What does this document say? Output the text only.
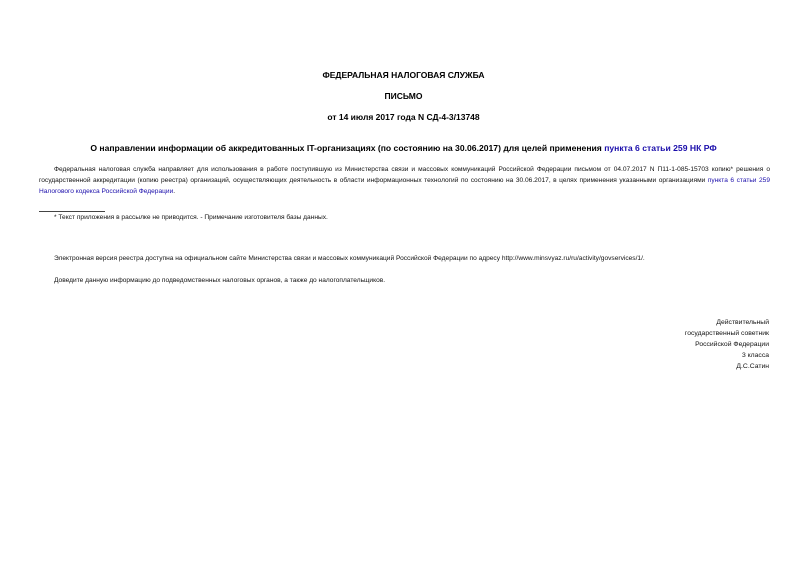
ФЕДЕРАЛЬНАЯ НАЛОГОВАЯ СЛУЖБА
ПИСЬМО
от 14 июля 2017 года N СД-4-3/13748
О направлении информации об аккредитованных IT-организациях (по состоянию на 30.06.2017) для целей применения пункта 6 статьи 259 НК РФ
Федеральная налоговая служба направляет для использования в работе поступившую из Министерства связи и массовых коммуникаций Российской Федерации письмом от 04.07.2017 N П11-1-085-15703 копию* решения о государственной аккредитации (копию реестра) организаций, осуществляющих деятельность в области информационных технологий по состоянию на 30.06.2017, в целях применения указанными организациями пункта 6 статьи 259 Налогового кодекса Российской Федерации.
* Текст приложения в рассылке не приводится. - Примечание изготовителя базы данных.
Электронная версия реестра доступна на официальном сайте Министерства связи и массовых коммуникаций Российской Федерации по адресу http://www.minsvyaz.ru/ru/activity/govservices/1/.
Доведите данную информацию до подведомственных налоговых органов, а также до налогоплательщиков.
Действительный
государственный советник
Российской Федерации
3 класса
Д.С.Сатин
